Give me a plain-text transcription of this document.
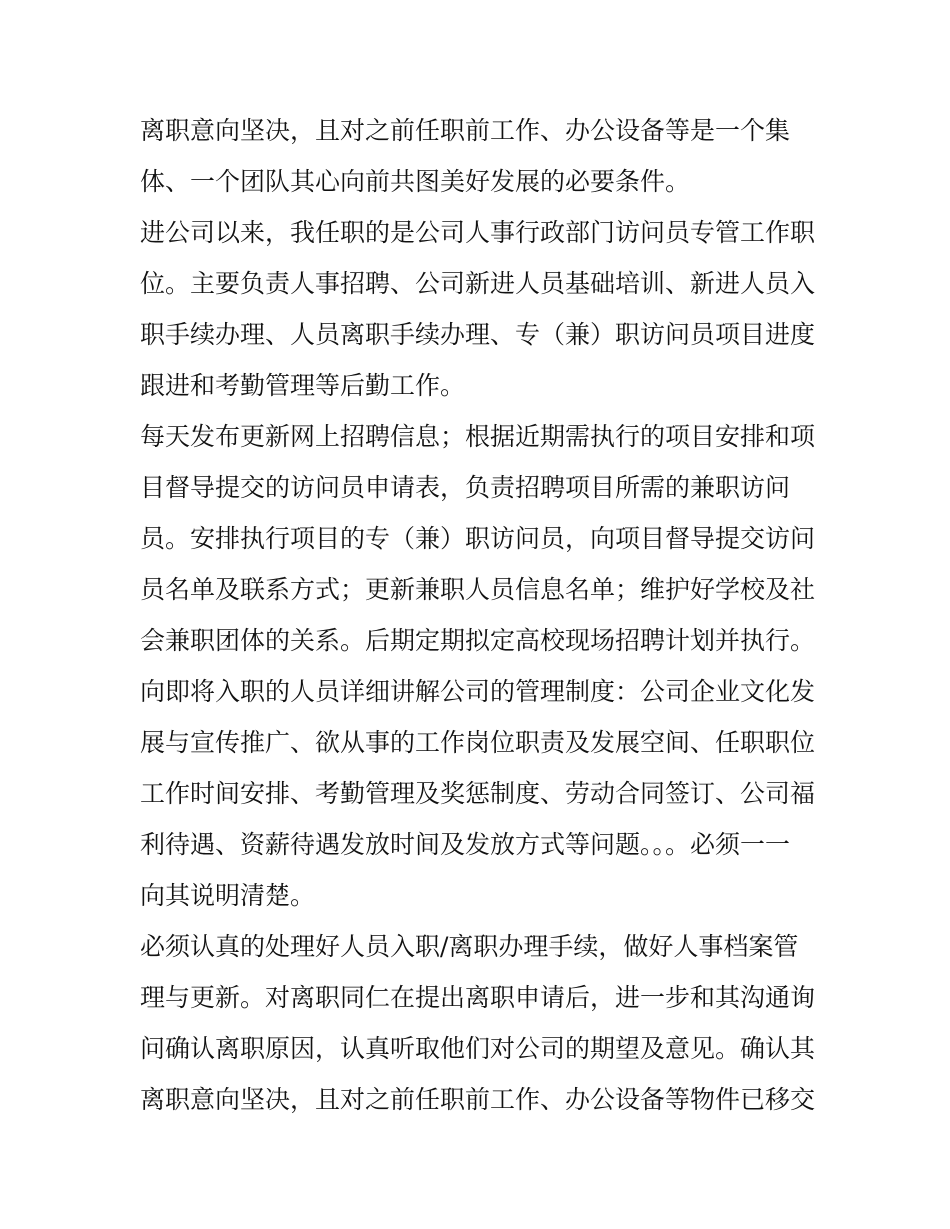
离职意向坚决，且对之前任职前工作、办公设备等是一个集
体、一个团队其心向前共图美好发展的必要条件。
进公司以来，我任职的是公司人事行政部门访问员专管工作职
位。主要负责人事招聘、公司新进人员基础培训、新进人员入
职手续办理、人员离职手续办理、专（兼）职访问员项目进度
跟进和考勤管理等后勤工作。
每天发布更新网上招聘信息；根据近期需执行的项目安排和项
目督导提交的访问员申请表，负责招聘项目所需的兼职访问
员。安排执行项目的专（兼）职访问员，向项目督导提交访问
员名单及联系方式；更新兼职人员信息名单；维护好学校及社
会兼职团体的关系。后期定期拟定高校现场招聘计划并执行。
向即将入职的人员详细讲解公司的管理制度：公司企业文化发
展与宣传推广、欲从事的工作岗位职责及发展空间、任职职位
工作时间安排、考勤管理及奖惩制度、劳动合同签订、公司福
利待遇、资薪待遇发放时间及发放方式等问题。。。必须一一
向其说明清楚。
必须认真的处理好人员入职/离职办理手续，做好人事档案管
理与更新。对离职同仁在提出离职申请后，进一步和其沟通询
问确认离职原因，认真听取他们对公司的期望及意见。确认其
离职意向坚决，且对之前任职前工作、办公设备等物件已移交
